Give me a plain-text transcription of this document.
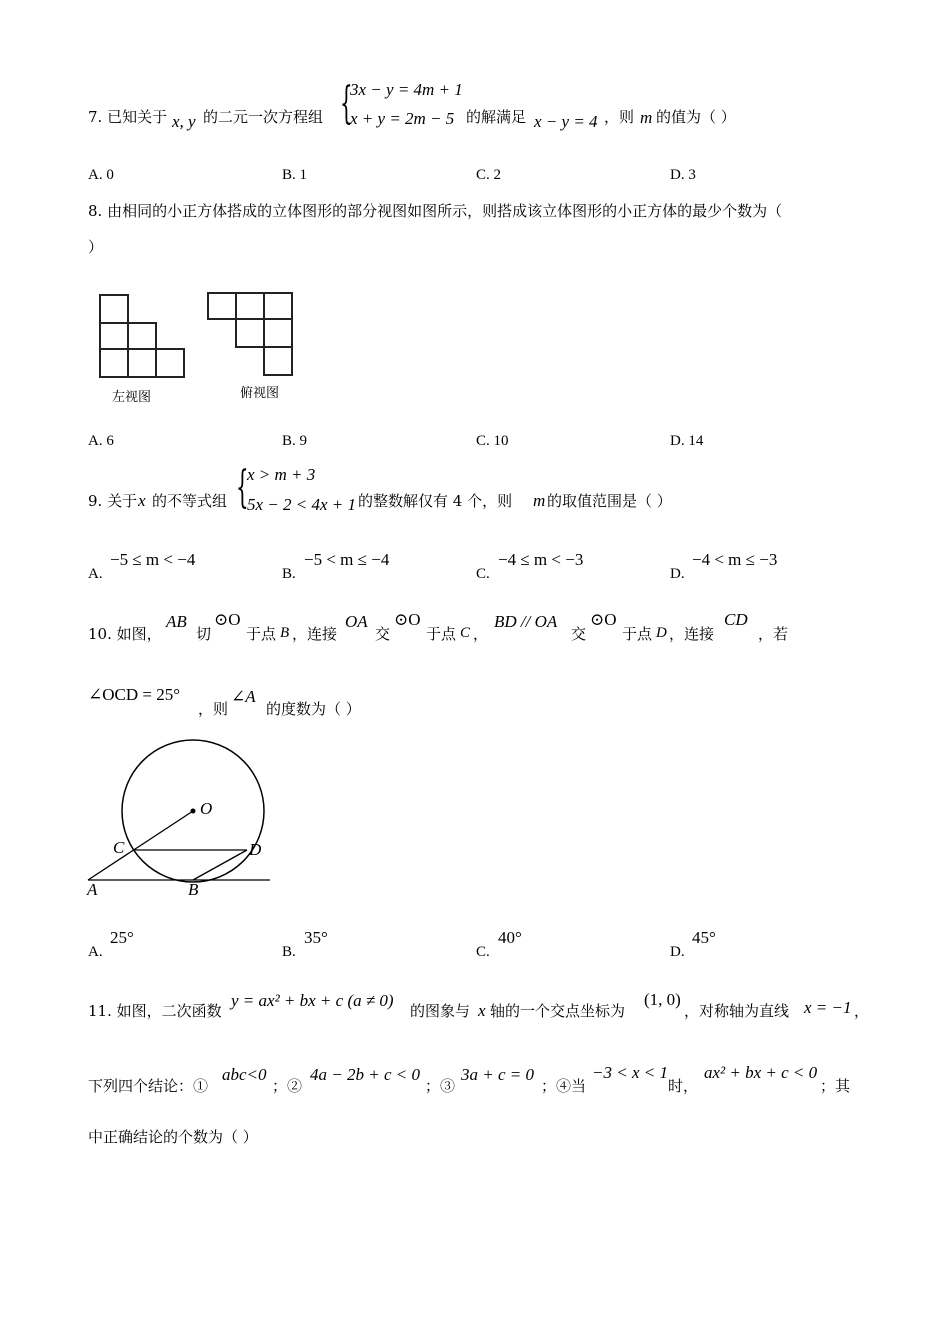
7. 已知关于 x, y 的二元一次方程组 {
3x − y = 4m + 1
x + y = 2m − 5 的解满足 x − y = 4 ，则 m 的值为（ ）
A. 0	B. 1	C. 2	D. 3
8. 由相同的小正方体搭成的立体图形的部分视图如图所示，则搭成该立体图形的小正方体的最少个数为（
）
左视图	俯视图
A. 6	B. 9	C. 10	D. 14
9. 关于 x 的不等式组 {
x > m + 3
5x − 2 < 4x + 1 的整数解仅有 4 个，则 m 的取值范围是（ ）
A.
−5 ≤ m < −4
B.
−5 < m ≤ −4
C.
−4 ≤ m < −3
D.
−4 < m ≤ −3
10. 如图，
AB
切
⊙O
于点 B ，连接
OA
交
⊙O
于点 C ，
BD // OA
交
⊙O
于点 D ，连接
CD
，若
∠OCD = 25°
，则
∠A
的度数为（ ）
O
C	D
A	B
A.
25°
B.
35°
C.
40°
D.
45°
11. 如图，二次函数
y = ax² + bx + c (a ≠ 0)
的图象与 x 轴的一个交点坐标为
(1, 0)
，对称轴为直线 x = −1 ，
下列四个结论：①
abc<0
；②
4a − 2b + c < 0
；③
3a + c = 0
；④当
−3 < x < 1
时，
ax² + bx + c < 0
；其
中正确结论的个数为（ ）
